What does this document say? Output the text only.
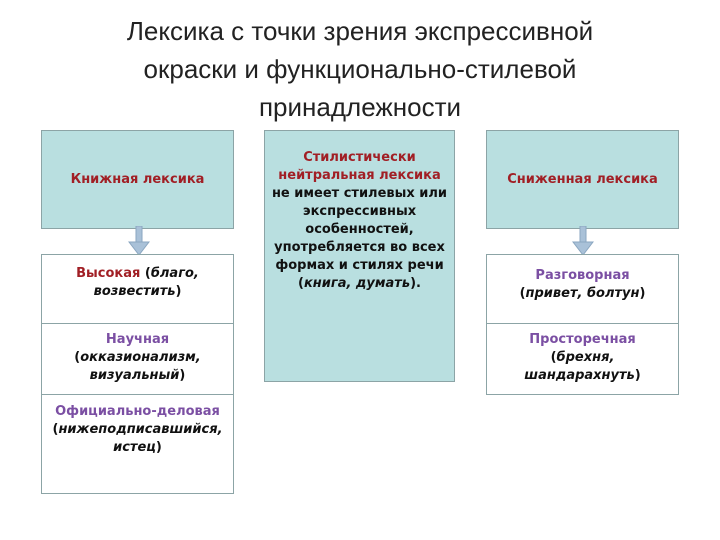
Лексика с точки зрения экспрессивной
окраски и функционально-стилевой
принадлежности
Книжная лексика
Высокая (благо, возвестить)
Научная
(окказионализм, визуальный)
Официально-деловая
(нижеподписавшийся, истец)
Стилистически нейтральная лексика не имеет стилевых или экспрессивных особенностей, употребляется во всех формах и стилях речи (книга, думать).
Сниженная лексика
Разговорная
(привет, болтун)
Просторечная
(брехня, шандарахнуть)
